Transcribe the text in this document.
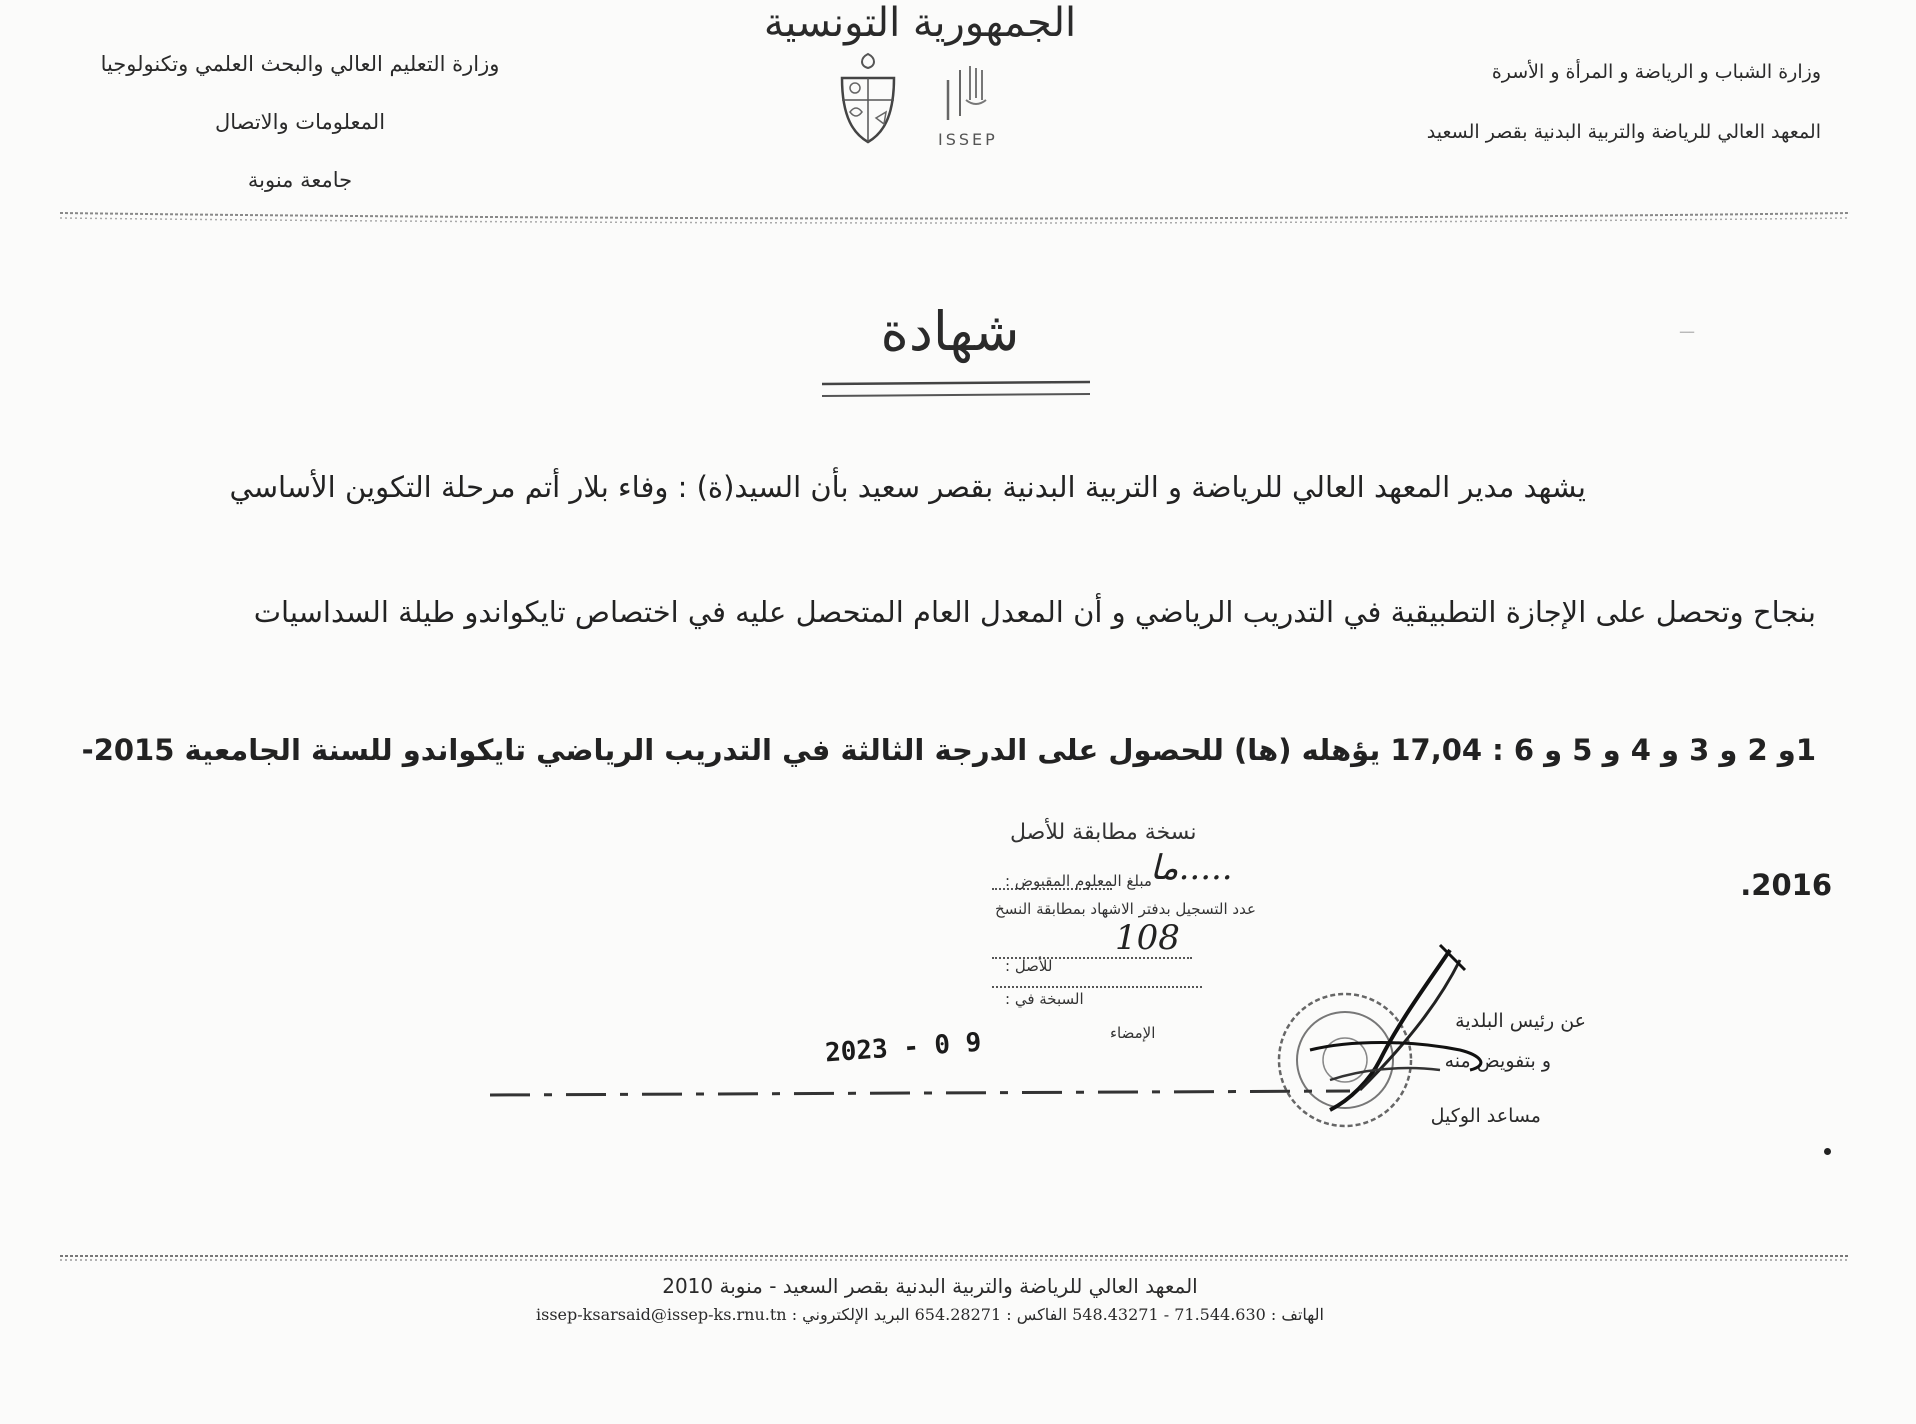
الجمهورية التونسية
وزارة التعليم العالي والبحث العلمي وتكنولوجيا
المعلومات والاتصال
جامعة منوبة
وزارة الشباب و الرياضة و المرأة و الأسرة
المعهد العالي للرياضة والتربية البدنية بقصر السعيد
ISSEP
شهادة	ـــ
يشهد مدير المعهد العالي للرياضة و التربية البدنية بقصر سعيد بأن السيد(ة) : وفاء بلار أتم مرحلة التكوين الأساسي
بنجاح وتحصل على الإجازة التطبيقية في التدريب الرياضي و أن المعدل العام المتحصل عليه في اختصاص تايكواندو طيلة السداسيات
1و 2 و 3 و 4 و 5 و 6 : 17,04 يؤهله (ها) للحصول على الدرجة الثالثة في التدريب الرياضي تايكواندو للسنة الجامعية 2015-
2016.
نسخة مطابقة للأصل
مبلغ المعلوم المقبوض :
ما.....
عدد التسجيل بدفتر الاشهاد بمطابقة النسخ
108
للأصل :
السبخة في :
الإمضاء
عن رئيس البلدية
و بتفويض منه
مساعد الوكيل
2023 - 0 9
المعهد العالي للرياضة والتربية البدنية بقصر السعيد - منوبة 2010
الهاتف : 71.544.630 - 548.43271 الفاكس : 654.28271 البريد الإلكتروني : issep-ksarsaid@issep-ks.rnu.tn
